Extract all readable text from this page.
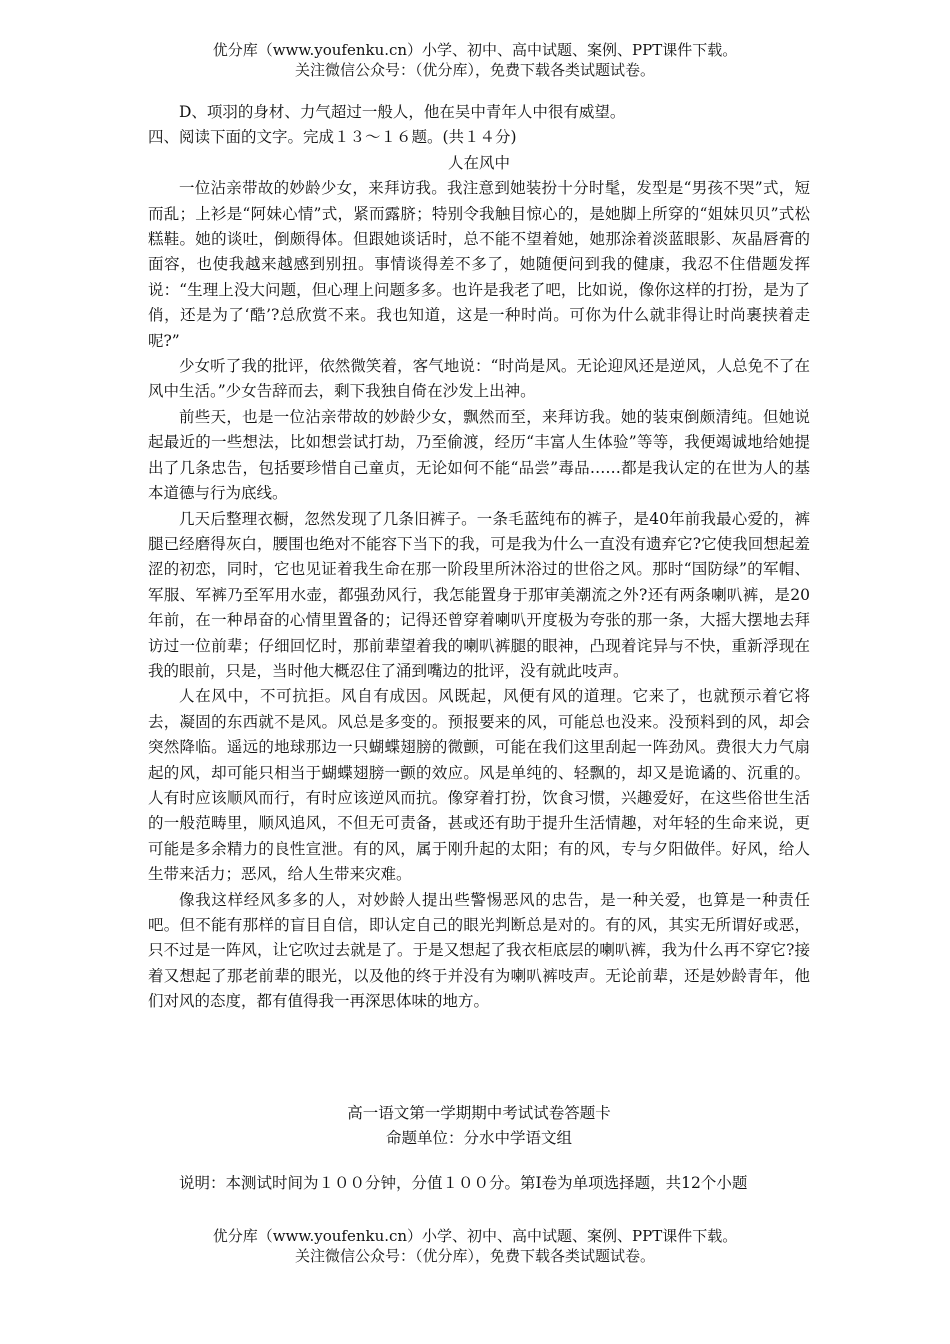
优分库（www.youfenku.cn）小学、初中、高中试题、案例、PPT课件下载。
关注微信公众号：（优分库），免费下载各类试题试卷。

D、项羽的身材、力气超过一般人，他在吴中青年人中很有威望。

四、阅读下面的文字。完成１３～１６题。(共１４分)

人在风中

一位沾亲带故的妙龄少女，来拜访我。我注意到她装扮十分时髦，发型是“男孩不哭”式，短而乱；上衫是“阿妹心情”式，紧而露脐；特别令我触目惊心的，是她脚上所穿的“姐妹贝贝”式松糕鞋。她的谈吐，倒颇得体。但跟她谈话时，总不能不望着她，她那涂着淡蓝眼影、灰晶唇膏的面容，也使我越来越感到别扭。事情谈得差不多了，她随便问到我的健康，我忍不住借题发挥说：“生理上没大问题，但心理上问题多多。也许是我老了吧，比如说，像你这样的打扮，是为了俏，还是为了‘酷’?总欣赏不来。我也知道，这是一种时尚。可你为什么就非得让时尚裹挟着走呢?”

少女听了我的批评，依然微笑着，客气地说：“时尚是风。无论迎风还是逆风，人总免不了在风中生活。”少女告辞而去，剩下我独自倚在沙发上出神。

前些天，也是一位沾亲带故的妙龄少女，飘然而至，来拜访我。她的装束倒颇清纯。但她说起最近的一些想法，比如想尝试打劫，乃至偷渡，经历“丰富人生体验”等等，我便竭诚地给她提出了几条忠告，包括要珍惜自己童贞，无论如何不能“品尝”毒品……都是我认定的在世为人的基本道德与行为底线。

几天后整理衣橱，忽然发现了几条旧裤子。一条毛蓝纯布的裤子，是40年前我最心爱的，裤腿已经磨得灰白，腰围也绝对不能容下当下的我，可是我为什么一直没有遗弃它?它使我回想起羞涩的初恋，同时，它也见证着我生命在那一阶段里所沐浴过的世俗之风。那时“国防绿”的军帽、军服、军裤乃至军用水壶，都强劲风行，我怎能置身于那审美潮流之外?还有两条喇叭裤，是20年前，在一种昂奋的心情里置备的；记得还曾穿着喇叭开度极为夸张的那一条，大摇大摆地去拜访过一位前辈；仔细回忆时，那前辈望着我的喇叭裤腿的眼神，凸现着诧异与不快，重新浮现在我的眼前，只是，当时他大概忍住了涌到嘴边的批评，没有就此吱声。

人在风中，不可抗拒。风自有成因。风既起，风便有风的道理。它来了，也就预示着它将去，凝固的东西就不是风。风总是多变的。预报要来的风，可能总也没来。没预料到的风，却会突然降临。遥远的地球那边一只蝴蝶翅膀的微颤，可能在我们这里刮起一阵劲风。费很大力气扇起的风，却可能只相当于蝴蝶翅膀一颤的效应。风是单纯的、轻飘的，却又是诡谲的、沉重的。人有时应该顺风而行，有时应该逆风而抗。像穿着打扮，饮食习惯，兴趣爱好，在这些俗世生活的一般范畴里，顺风追风，不但无可责备，甚或还有助于提升生活情趣，对年轻的生命来说，更可能是多余精力的良性宣泄。有的风，属于刚升起的太阳；有的风，专与夕阳做伴。好风，给人生带来活力；恶风，给人生带来灾难。

像我这样经风多多的人，对妙龄人提出些警惕恶风的忠告，是一种关爱，也算是一种责任吧。但不能有那样的盲目自信，即认定自己的眼光判断总是对的。有的风，其实无所谓好或恶，只不过是一阵风，让它吹过去就是了。于是又想起了我衣柜底层的喇叭裤，我为什么再不穿它?接着又想起了那老前辈的眼光，以及他的终于并没有为喇叭裤吱声。无论前辈，还是妙龄青年，他们对风的态度，都有值得我一再深思体味的地方。

高一语文第一学期期中考试试卷答题卡

命题单位：分水中学语文组

说明：本测试时间为１００分钟，分值１００分。第Ⅰ卷为单项选择题，共12个小题

优分库（www.youfenku.cn）小学、初中、高中试题、案例、PPT课件下载。
关注微信公众号：（优分库），免费下载各类试题试卷。
